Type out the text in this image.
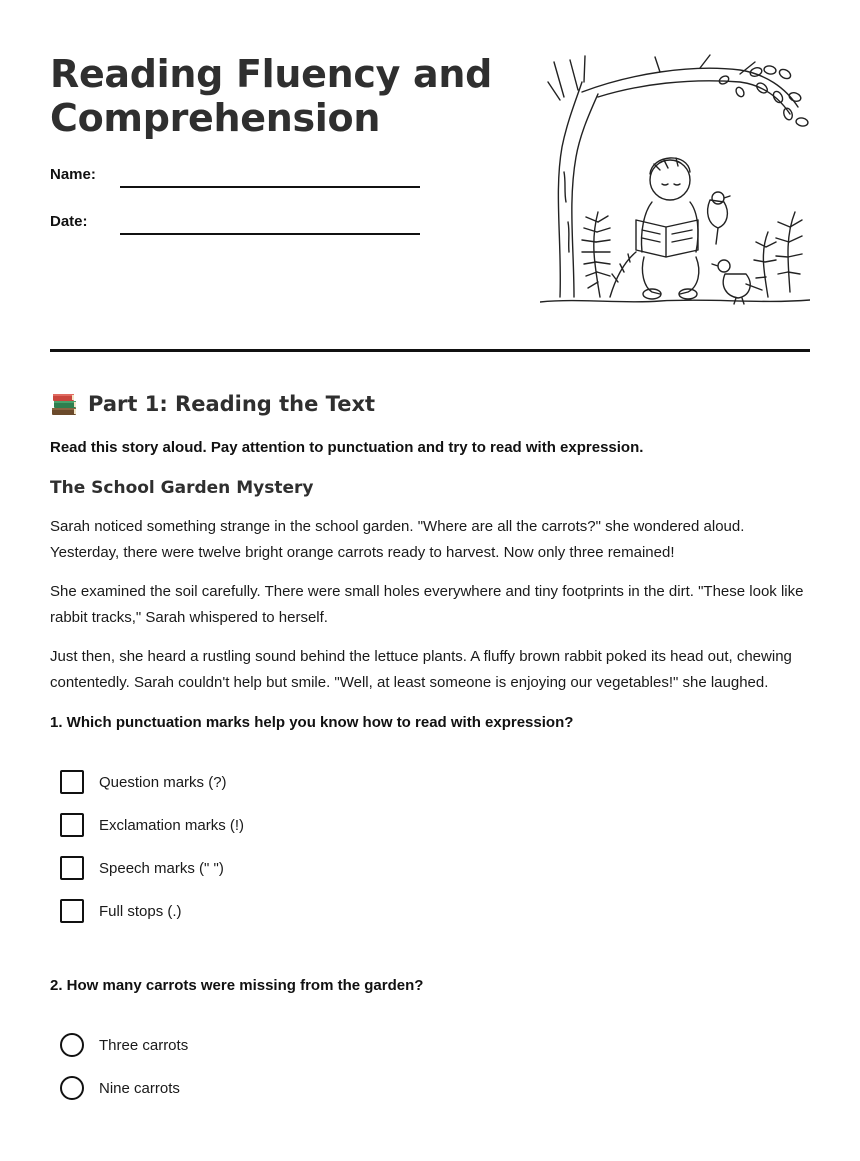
Reading Fluency and Comprehension
Name:
Date:
Part 1: Reading the Text

Read this story aloud. Pay attention to punctuation and try to read with expression.

The School Garden Mystery

Sarah noticed something strange in the school garden. "Where are all the carrots?" she wondered aloud. Yesterday, there were twelve bright orange carrots ready to harvest. Now only three remained!

She examined the soil carefully. There were small holes everywhere and tiny footprints in the dirt. "These look like rabbit tracks," Sarah whispered to herself.

Just then, she heard a rustling sound behind the lettuce plants. A fluffy brown rabbit poked its head out, chewing contentedly. Sarah couldn't help but smile. "Well, at least someone is enjoying our vegetables!" she laughed.

1. Which punctuation marks help you know how to read with expression?

Question marks (?)
Exclamation marks (!)
Speech marks (" ")
Full stops (.)

2. How many carrots were missing from the garden?

Three carrots
Nine carrots
